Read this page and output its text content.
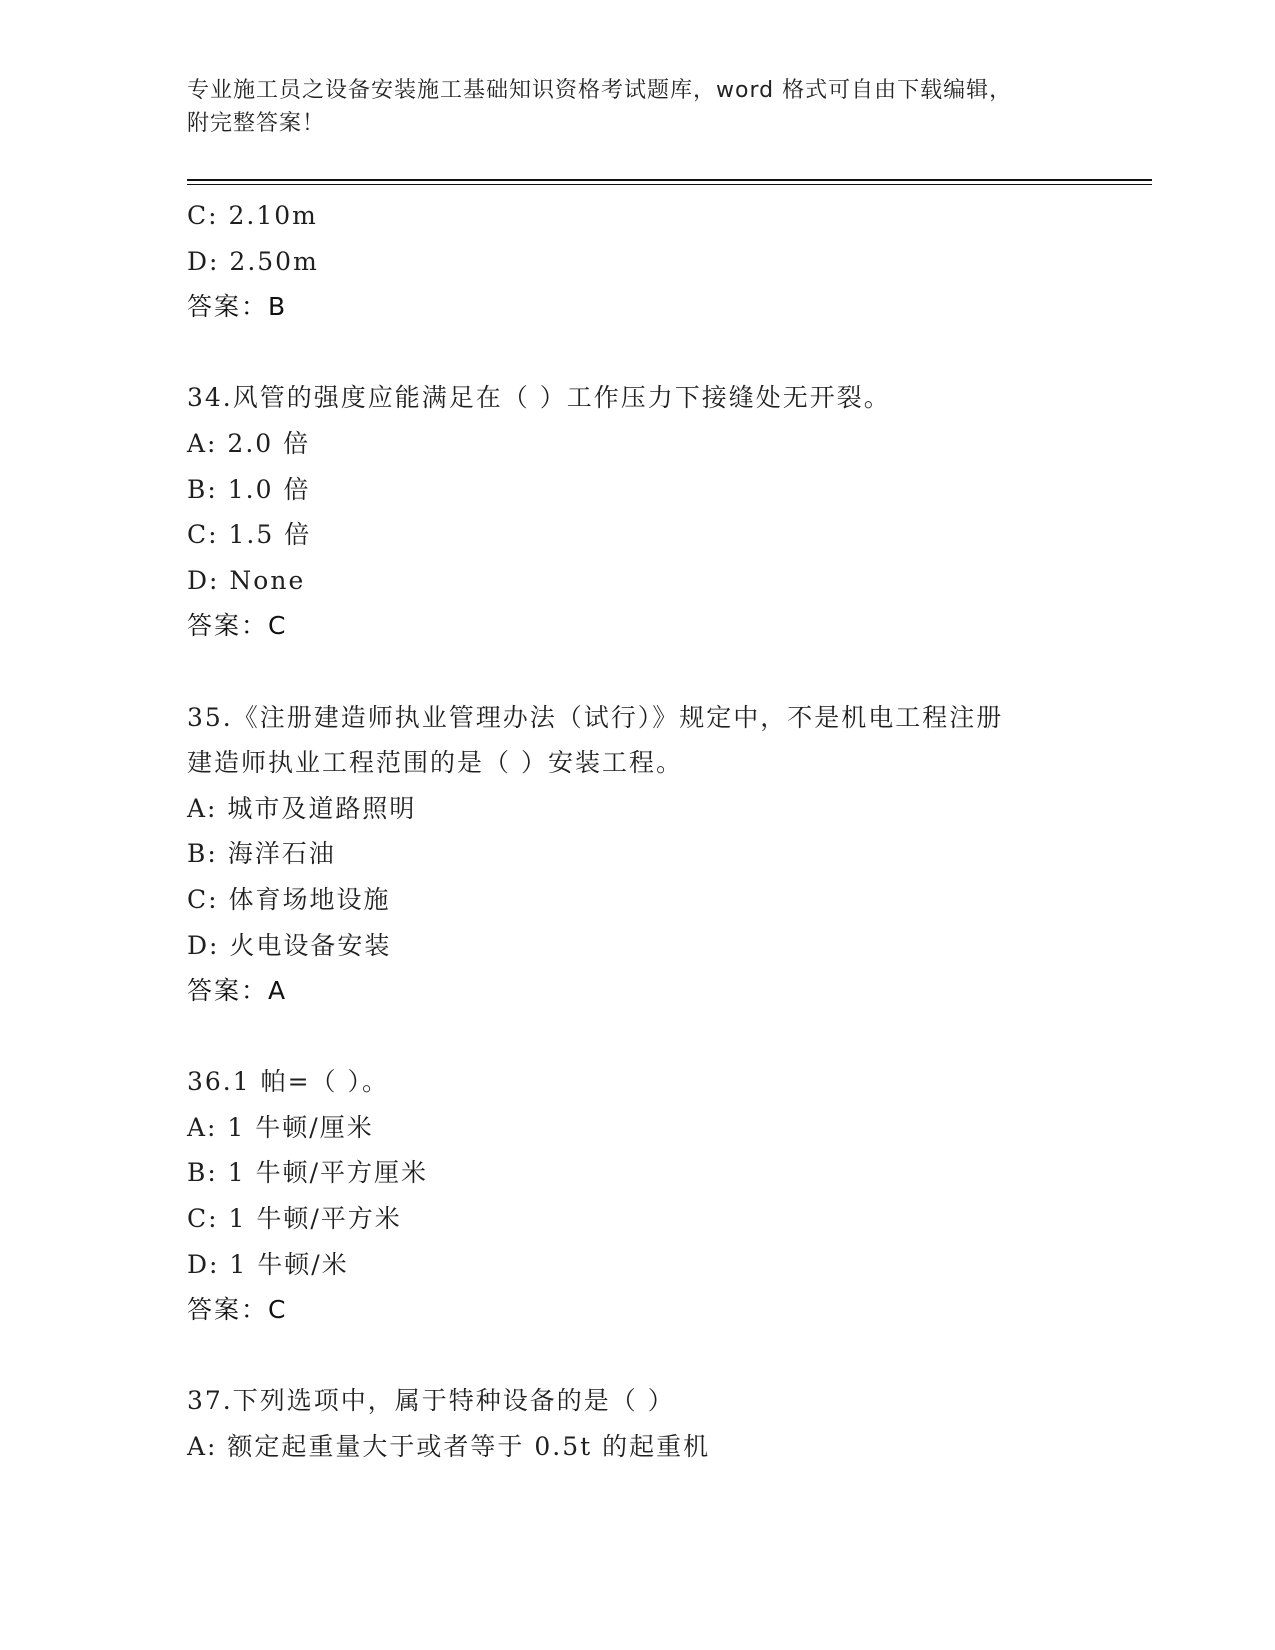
专业施工员之设备安装施工基础知识资格考试题库，word 格式可自由下载编辑，
附完整答案！
C: 2.10m
D: 2.50m
答案：B
34.风管的强度应能满足在（ ）工作压力下接缝处无开裂。
A: 2.0 倍
B: 1.0 倍
C: 1.5 倍
D: None
答案：C
35.《注册建造师执业管理办法（试行）》规定中，不是机电工程注册
建造师执业工程范围的是（ ）安装工程。
A: 城市及道路照明
B: 海洋石油
C: 体育场地设施
D: 火电设备安装
答案：A
36.1 帕=（ ）。
A: 1 牛顿/厘米
B: 1 牛顿/平方厘米
C: 1 牛顿/平方米
D: 1 牛顿/米
答案：C
37.下列选项中，属于特种设备的是（ ）
A: 额定起重量大于或者等于 0.5t 的起重机
